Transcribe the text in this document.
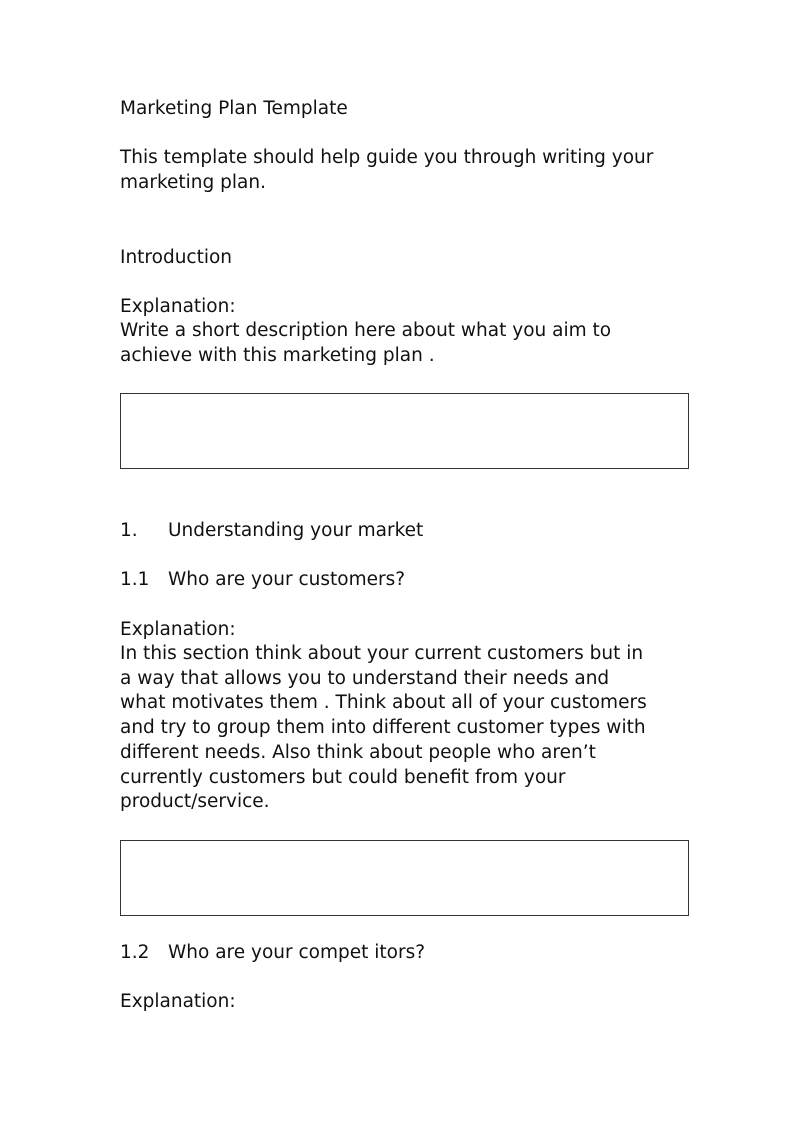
Marketing Plan Template
This template should help guide you through writing your
marketing plan.
Introduction
Explanation:
Write a short description here about what you aim to
achieve with this marketing plan .
1. Understanding your market
1.1 Who are your customers?
Explanation:
In this section think about your current customers but in
a way that allows you to understand their needs and
what motivates them . Think about all of your customers
and try to group them into different customer types with
different needs. Also think about people who aren’t
currently customers but could benefit from your
product/service.
1.2 Who are your compet itors?
Explanation:
